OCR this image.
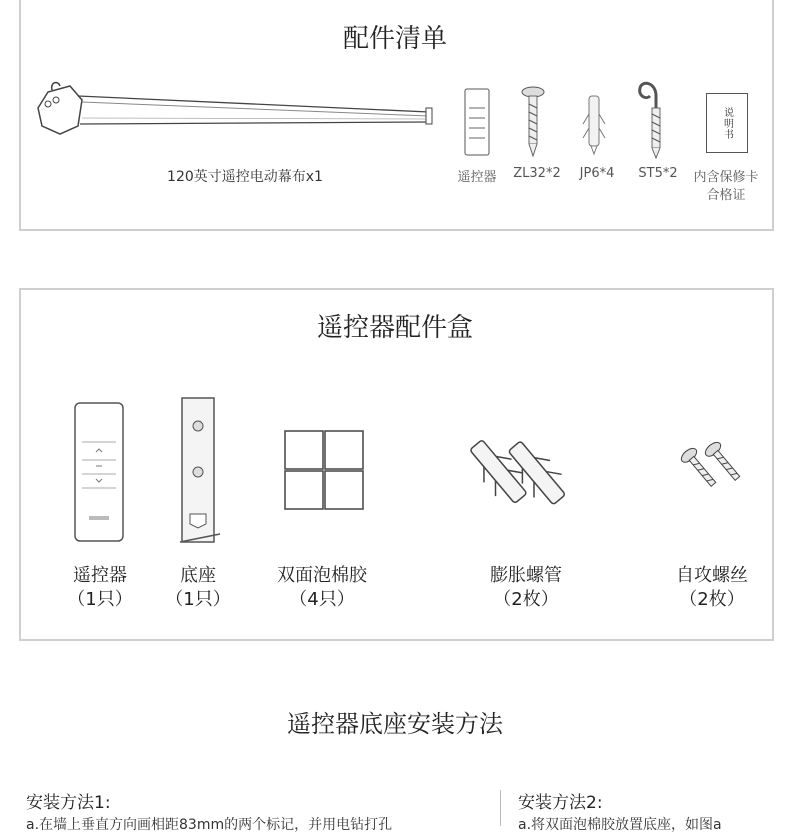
配件清单
120英寸遥控电动幕布x1
说明书
遥控器	ZL32*2	JP6*4	ST5*2	内含保修卡
合格证
遥控器配件盒
遥控器
（1只）
底座
（1只）
双面泡棉胶
（4只）
膨胀螺管
（2枚）
自攻螺丝
（2枚）
遥控器底座安装方法
安装方法1:
a.在墙上垂直方向画相距83mm的两个标记，并用电钻打孔
安装方法2:
a.将双面泡棉胶放置底座，如图a
